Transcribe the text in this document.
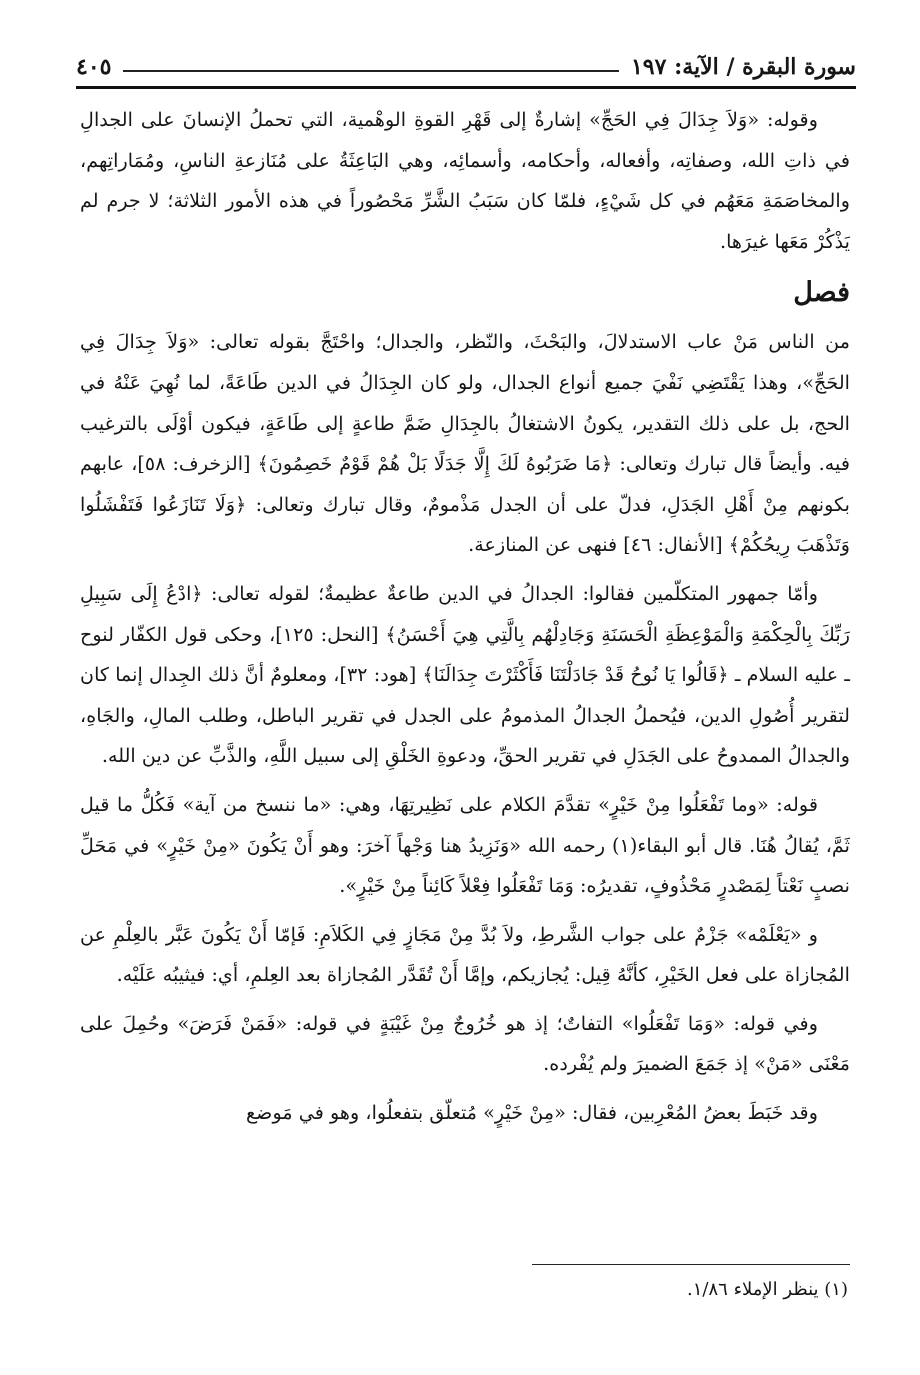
سورة البقرة / الآية: ١٩٧
٤٠٥

وقوله: «وَلاَ جِدَالَ فِي الحَجِّ» إشارةٌ إلى قَهْرِ القوةِ الوهْمية، التي تحملُ الإنسانَ على الجدالِ في ذاتِ الله، وصفاتِه، وأفعاله، وأحكامه، وأسمائِه، وهي البَاعِثَةُ على مُنَازعةِ الناسِ، ومُمَاراتِهم، والمخاصَمَةِ مَعَهُم في كل شَيْءٍ، فلمّا كان سَبَبُ الشَّرِّ مَحْصُوراً في هذه الأمور الثلاثة؛ لا جرم لم يَذْكُرْ مَعَها غيرَها.

فصل

من الناس مَنْ عاب الاستدلالَ، والبَحْثَ، والنّظر، والجدال؛ واحْتَجَّ بقوله تعالى: «وَلاَ جِدَالَ فِي الحَجِّ»، وهذا يَقْتَضِي نَفْيَ جميع أنواع الجدال، ولو كان الجِدَالُ في الدين طَاعَةً، لما نُهِيَ عَنْهُ في الحج، بل على ذلك التقدير، يكونُ الاشتغالُ بالجِدَالِ ضَمَّ طاعةٍ إلى طَاعَةٍ، فيكون أوْلَى بالترغيب فيه. وأيضاً قال تبارك وتعالى: ﴿مَا ضَرَبُوهُ لَكَ إِلَّا جَدَلًا بَلْ هُمْ قَوْمٌ خَصِمُونَ﴾ [الزخرف: ٥٨]، عابهم بكونهم مِنْ أَهْلِ الجَدَلِ، فدلّ على أن الجدل مَذْمومٌ، وقال تبارك وتعالى: ﴿وَلَا تَنَازَعُوا فَتَفْشَلُوا وَتَذْهَبَ رِيحُكُمْ﴾ [الأنفال: ٤٦] فنهى عن المنازعة.

وأمّا جمهور المتكلّمين فقالوا: الجدالُ في الدين طاعةٌ عظيمةٌ؛ لقوله تعالى: ﴿ادْعُ إِلَى سَبِيلِ رَبِّكَ بِالْحِكْمَةِ وَالْمَوْعِظَةِ الْحَسَنَةِ وَجَادِلْهُم بِالَّتِي هِيَ أَحْسَنُ﴾ [النحل: ١٢٥]، وحكى قول الكفّار لنوح ـ عليه السلام ـ ﴿قَالُوا يَا نُوحُ قَدْ جَادَلْتَنَا فَأَكْثَرْتَ جِدَالَنَا﴾ [هود: ٣٢]، ومعلومٌ أنَّ ذلك الجِدال إنما كان لتقرير أُصُولِ الدين، فيُحملُ الجدالُ المذمومُ على الجدل في تقرير الباطل، وطلب المالِ، والجَاهِ، والجدالُ الممدوحُ على الجَدَلِ في تقرير الحقِّ، ودعوةِ الخَلْقِ إلى سبيل اللَّهِ، والذَّبِّ عن دين الله.

قوله: «وما تَفْعَلُوا مِنْ خَيْرٍ» تقدَّمَ الكلام على نَظِيرتِهَا، وهي: «ما ننسخ من آية» فَكُلُّ ما قيل ثَمَّ، يُقالُ هُنَا. قال أبو البقاء(١) رحمه الله «وَنَزِيدُ هنا وَجْهاً آخرَ: وهو أَنْ يَكُونَ «مِنْ خَيْرٍ» في مَحَلِّ نصبٍ نَعْتاً لِمَصْدرٍ مَحْذُوفٍ، تقديرُه: وَمَا تَفْعَلُوا فِعْلاً كَائِناً مِنْ خَيْرٍ».

و «يَعْلَمْه» جَزْمٌ على جواب الشَّرطِ، ولاَ بُدَّ مِنْ مَجَازٍ فِي الكَلاَمِ: فَإمّا أَنْ يَكُونَ عَبَّر بالعِلْمِ عن المُجازاة على فعل الخَيْرِ، كأنَّهُ قِيل: يُجازيكم، وإمَّا أَنْ تُقَدَّر المُجازاة بعد العِلمِ، أي: فيثيبُه عَلَيْه.

وفي قوله: «وَمَا تَفْعَلُوا» التفاتٌ؛ إذ هو خُرُوجٌ مِنْ غَيْبَةٍ في قوله: «فَمَنْ فَرَضَ» وحُمِلَ على مَعْنَى «مَنْ» إذ جَمَعَ الضميرَ ولم يُفْرده.

وقد خَبَطَ بعضُ المُعْرِبين، فقال: «مِنْ خَيْرٍ» مُتعلّق بتفعلُوا، وهو في مَوضع

(١) ينظر الإملاء ١/٨٦.
